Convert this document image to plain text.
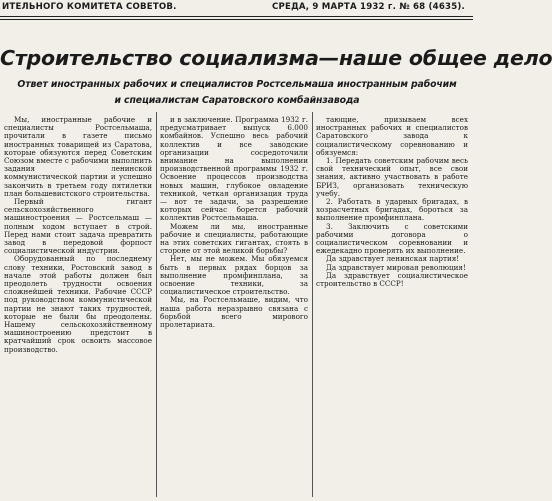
ИТЕЛЬНОГО КОМИТЕТА СОВЕТОВ.	СРЕДА, 9 МАРТА 1932 г. № 68 (4635).
Строительство социализма—наше общее дело
Ответ иностранных рабочих и специалистов Ростсельмаша иностранным рабочим
и специалистам Саратовского комбайнзавода

Мы, иностранные рабочие и специалисты Ростсельмаша, прочитали в газете письмо иностранных товарищей из Саратова, которые обязуются перед Советским Союзом вместе с рабочими выполнить задания ленинской коммунистической партии и успешно закончить в третьем году пятилетки план большевистского строительства.

Первый гигант сельскохозяйственного машиностроения — Ростсельмаш — полным ходом вступает в строй. Перед нами стоит задача превратить завод в передовой форпост социалистической индустрии.

Оборудованный по последнему слову техники, Ростовский завод в начале этой работы должен был преодолеть трудности освоения сложнейшей техники. Рабочие СССР под руководством коммунистической партии не знают таких трудностей, которые не были бы преодолены. Нашему сельскохозяйственному машиностроению предстоит в кратчайший срок освоить массовое производство.

и в заключение. Программа 1932 г. предусматривает выпуск 6.000 комбайнов. Успешно весь рабочий коллектив и все заводские организации сосредоточили внимание на выполнении производственной программы 1932 г. Освоение процессов производства новых машин, глубокое овладение техникой, четкая организация труда — вот те задачи, за разрешение которых сейчас борется рабочий коллектив Ростсельмаша.

Можем ли мы, иностранные рабочие и специалисты, работающие на этих советских гигантах, стоять в стороне от этой великой борьбы?

Нет, мы не можем. Мы обязуемся быть в первых рядах борцов за выполнение промфинплана, за освоение техники, за социалистическое строительство.

Мы, на Ростсельмаше, видим, что наша работа неразрывно связана с борьбой всего мирового пролетариата.

тающие, призываем всех иностранных рабочих и специалистов Саратовского завода к социалистическому соревнованию и обязуемся:

1. Передать советским рабочим весь свой технический опыт, все свои знания, активно участвовать в работе БРИЗ, организовать техническую учебу.

2. Работать в ударных бригадах, в хозрасчетных бригадах, бороться за выполнение промфинплана.

3. Заключить с советскими рабочими договора о социалистическом соревновании и ежедекадно проверять их выполнение.

Да здравствует ленинская партия!

Да здравствует мировая революция!

Да здравствует социалистическое строительство в СССР!
